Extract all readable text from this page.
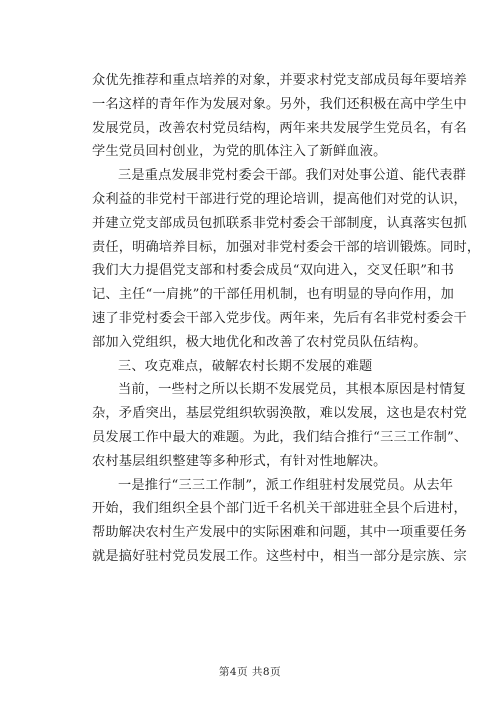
众优先推荐和重点培养的对象，并要求村党支部成员每年要培养
一名这样的青年作为发展对象。另外，我们还积极在高中学生中
发展党员，改善农村党员结构，两年来共发展学生党员名，有名
学生党员回村创业，为党的肌体注入了新鲜血液。
三是重点发展非党村委会干部。我们对处事公道、能代表群
众利益的非党村干部进行党的理论培训，提高他们对党的认识，
并建立党支部成员包抓联系非党村委会干部制度，认真落实包抓
责任，明确培养目标，加强对非党村委会干部的培训锻炼。同时，
我们大力提倡党支部和村委会成员“双向进入，交叉任职”和书
记、主任“一肩挑”的干部任用机制，也有明显的导向作用，加
速了非党村委会干部入党步伐。两年来，先后有名非党村委会干
部加入党组织，极大地优化和改善了农村党员队伍结构。
三、攻克难点，破解农村长期不发展的难题
当前，一些村之所以长期不发展党员，其根本原因是村情复
杂，矛盾突出，基层党组织软弱涣散，难以发展，这也是农村党
员发展工作中最大的难题。为此，我们结合推行“三三工作制”、
农村基层组织整建等多种形式，有针对性地解决。
一是推行“三三工作制”，派工作组驻村发展党员。从去年
开始，我们组织全县个部门近千名机关干部进驻全县个后进村，
帮助解决农村生产发展中的实际困难和问题，其中一项重要任务
就是搞好驻村党员发展工作。这些村中，相当一部分是宗族、宗
第4页 共8页
